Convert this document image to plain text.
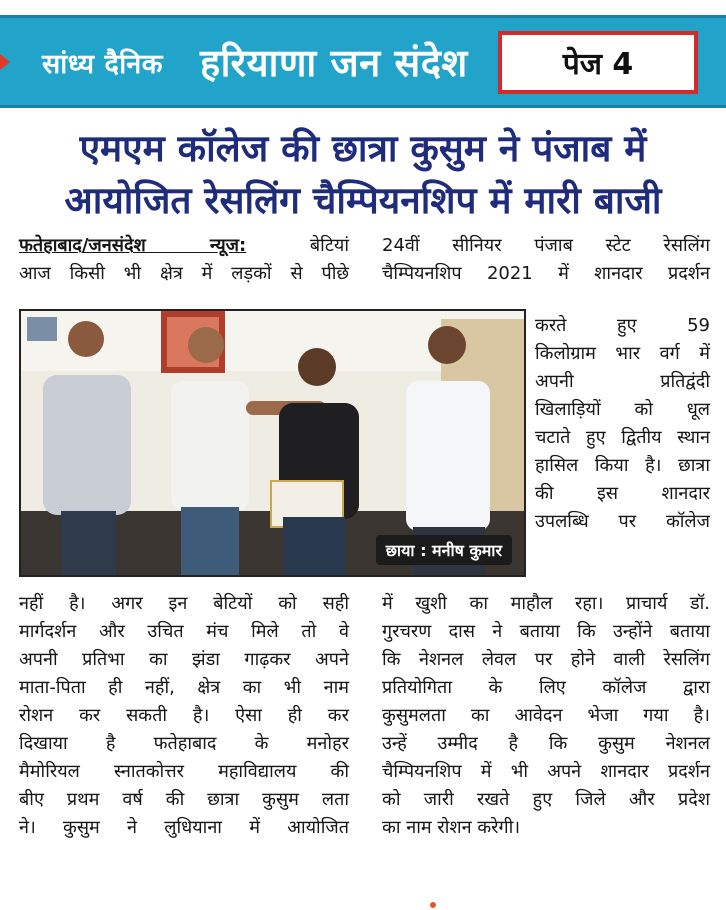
सांध्य दैनिक हरियाणा जन संदेश	पेज 4
एमएम कॉलेज की छात्रा कुसुम ने पंजाब में
आयोजित रेसलिंग चैम्पियनशिप में मारी बाजी
फतेहाबाद/जनसंदेश न्यूज: बेटियां
आज किसी भी क्षेत्र में लड़कों से पीछे
24वीं सीनियर पंजाब स्टेट रेसलिंग
चैम्पियनशिप 2021 में शानदार प्रदर्शन
छाया : मनीष कुमार
करते हुए 59
किलोग्राम भार वर्ग में
अपनी प्रतिद्वंदी
खिलाड़ियों को धूल
चटाते हुए द्वितीय स्थान
हासिल किया है। छात्रा
की इस शानदार
उपलब्धि पर कॉलेज
नहीं है। अगर इन बेटियों को सही
मार्गदर्शन और उचित मंच मिले तो वे
अपनी प्रतिभा का झंडा गाढ़कर अपने
माता-पिता ही नहीं, क्षेत्र का भी नाम
रोशन कर सकती है। ऐसा ही कर
दिखाया है फतेहाबाद के मनोहर
मैमोरियल स्नातकोत्तर महाविद्यालय की
बीए प्रथम वर्ष की छात्रा कुसुम लता
ने। कुसुम ने लुधियाना में आयोजित
में खुशी का माहौल रहा। प्राचार्य डॉ.
गुरचरण दास ने बताया कि उन्होंने बताया
कि नेशनल लेवल पर होने वाली रेसलिंग
प्रतियोगिता के लिए कॉलेज द्वारा
कुसुमलता का आवेदन भेजा गया है।
उन्हें उम्मीद है कि कुसुम नेशनल
चैम्पियनशिप में भी अपने शानदार प्रदर्शन
को जारी रखते हुए जिले और प्रदेश
का नाम रोशन करेगी।
